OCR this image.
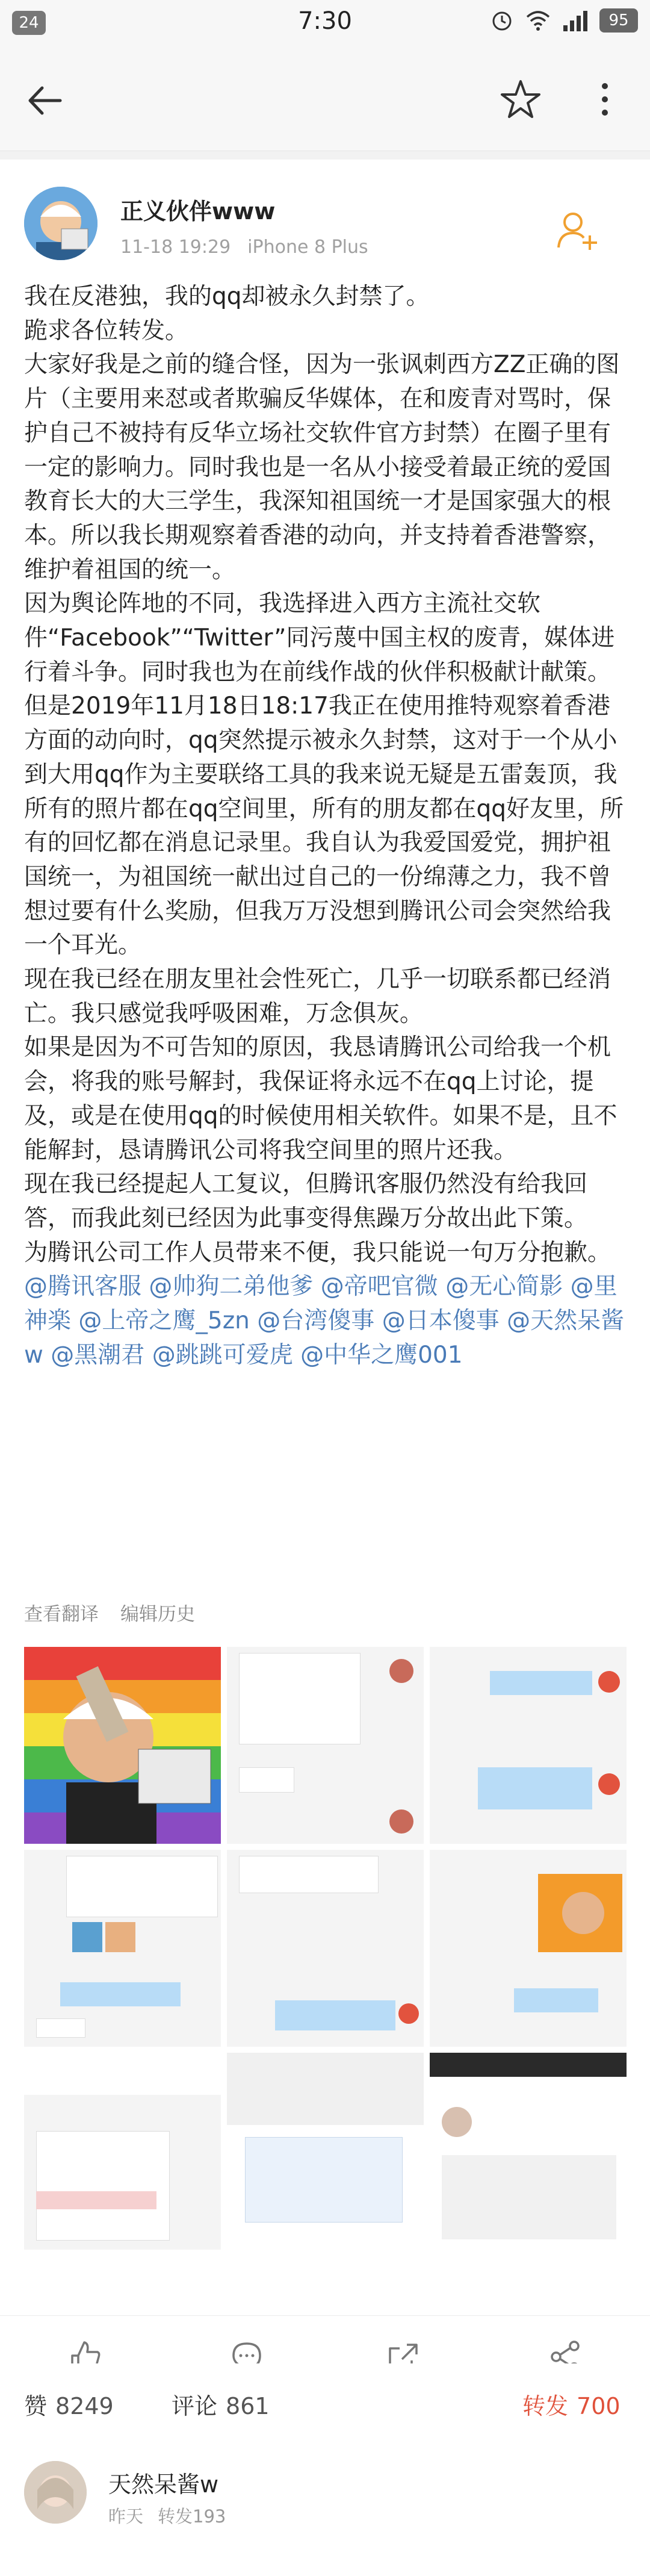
24	7:30	95
正义伙伴www
11-18 19:29 iPhone 8 Plus

我在反港独，我的qq却被永久封禁了。

跪求各位转发。

大家好我是之前的缝合怪，因为一张讽刺西方ZZ正确的图片（主要用来怼或者欺骗反华媒体，在和废青对骂时，保护自己不被持有反华立场社交软件官方封禁）在圈子里有一定的影响力。同时我也是一名从小接受着最正统的爱国教育长大的大三学生，我深知祖国统一才是国家强大的根本。所以我长期观察着香港的动向，并支持着香港警察，维护着祖国的统一。

因为舆论阵地的不同，我选择进入西方主流社交软件“Facebook”“Twitter”同污蔑中国主权的废青，媒体进行着斗争。同时我也为在前线作战的伙伴积极献计献策。

但是2019年11月18日18:17我正在使用推特观察着香港方面的动向时，qq突然提示被永久封禁，这对于一个从小到大用qq作为主要联络工具的我来说无疑是五雷轰顶，我所有的照片都在qq空间里，所有的朋友都在qq好友里，所有的回忆都在消息记录里。我自认为我爱国爱党，拥护祖国统一，为祖国统一献出过自己的一份绵薄之力，我不曾想过要有什么奖励，但我万万没想到腾讯公司会突然给我一个耳光。

现在我已经在朋友里社会性死亡，几乎一切联系都已经消亡。我只感觉我呼吸困难，万念俱灰。

如果是因为不可告知的原因，我恳请腾讯公司给我一个机会，将我的账号解封，我保证将永远不在qq上讨论，提及，或是在使用qq的时候使用相关软件。如果不是，且不能解封，恳请腾讯公司将我空间里的照片还我。

现在我已经提起人工复议，但腾讯客服仍然没有给我回答，而我此刻已经因为此事变得焦躁万分故出此下策。

为腾讯公司工作人员带来不便，我只能说一句万分抱歉。

@腾讯客服 @帅狗二弟他爹 @帝吧官微 @无心简影 @里神楽 @上帝之鹰_5zn @台湾傻事 @日本傻事 @天然呆酱w @黑潮君 @跳跳可爱虎 @中华之鹰001

查看翻译 编辑历史
赞 8249	评论 861	转发 700
天然呆酱w
昨天 转发193
